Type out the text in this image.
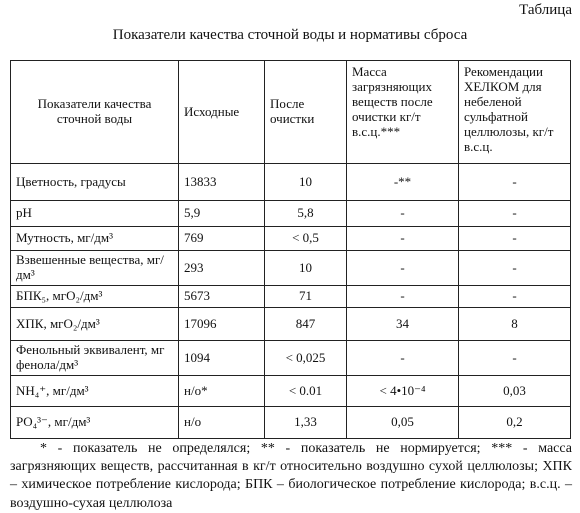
Таблица
Показатели качества сточной воды и нормативы сброса
Показатели качества сточной воды	Исходные	После очистки	Масса загрязняющих веществ после очистки кг/т в.с.ц.***	Рекомендации ХЕЛКОМ для небеленой сульфатной целлюлозы, кг/т в.с.ц.
Цветность, градусы	13833	10	-**	-
pH	5,9	5,8	-	-
Мутность, мг/дм³	769	< 0,5	-	-
Взвешенные вещества, мг/ дм³	293	10	-	-
БПК₅, мгО₂/дм³	5673	71	-	-
ХПК, мгО₂/дм³	17096	847	34	8
Фенольный эквивалент, мг фенола/дм³	1094	< 0,025	-	-
NH₄⁺, мг/дм³	н/о*	< 0.01	< 4•10⁻⁴	0,03
PO₄³⁻, мг/дм³	н/о	1,33	0,05	0,2
* - показатель не определялся; ** - показатель не нормируется; *** - масса загрязняющих веществ, рассчитанная в кг/т относительно воздушно сухой целлюлозы; ХПК – химическое потребление кислорода; БПК – биологическое потребление кислорода; в.с.ц. – воздушно-сухая целлюлоза
